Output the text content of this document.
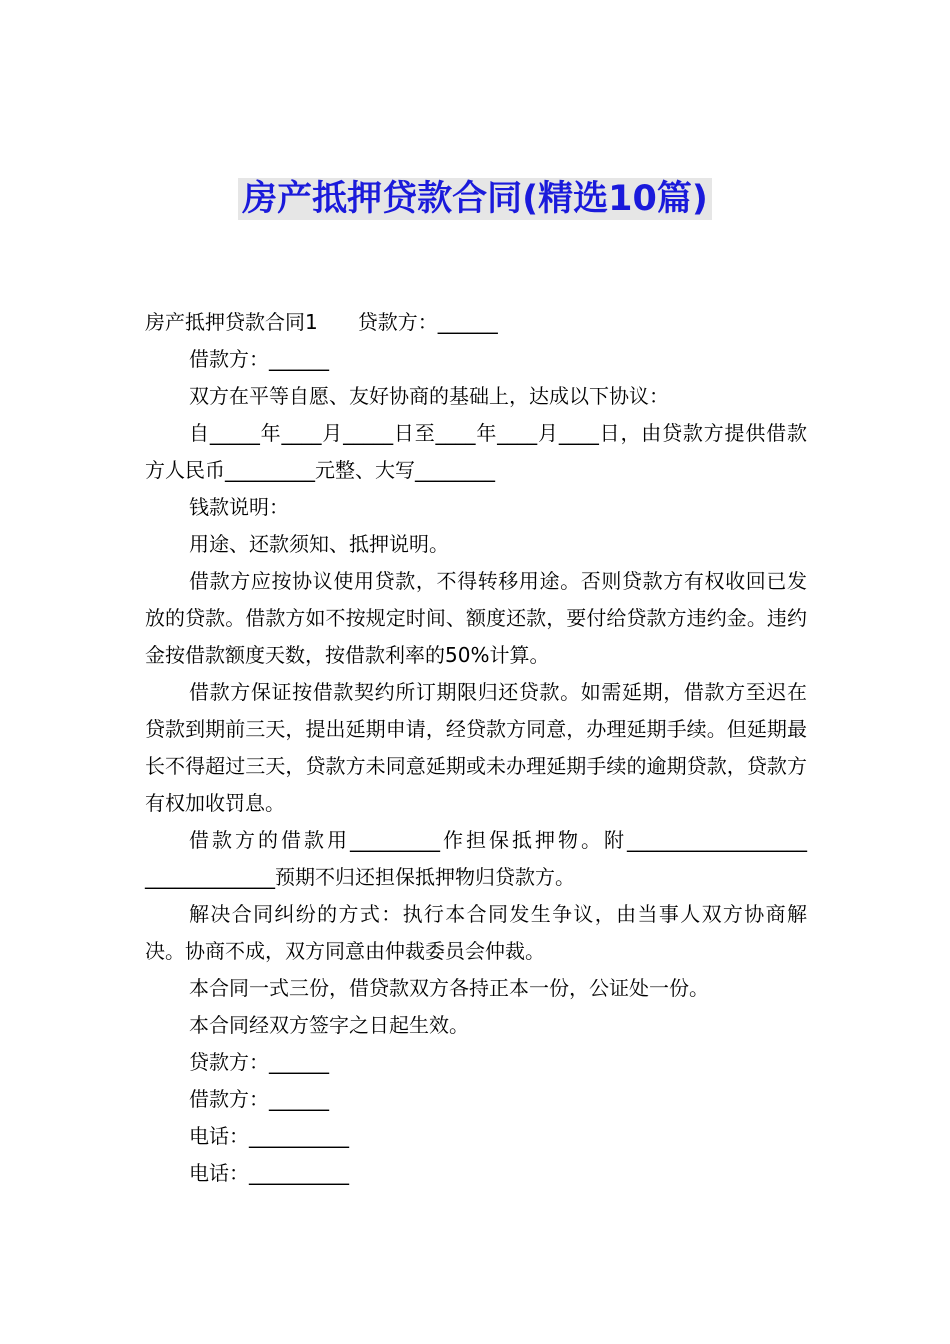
房产抵押贷款合同(精选10篇)

房产抵押贷款合同1 贷款方：______

借款方：______

双方在平等自愿、友好协商的基础上，达成以下协议：

自_____年____月_____日至____年____月____日，由贷款方提供借款方人民币_________元整、大写________

钱款说明：

用途、还款须知、抵押说明。

借款方应按协议使用贷款，不得转移用途。否则贷款方有权收回已发放的贷款。借款方如不按规定时间、额度还款，要付给贷款方违约金。违约金按借款额度天数，按借款利率的50%计算。

借款方保证按借款契约所订期限归还贷款。如需延期，借款方至迟在贷款到期前三天，提出延期申请，经贷款方同意，办理延期手续。但延期最长不得超过三天，贷款方未同意延期或未办理延期手续的逾期贷款，贷款方有权加收罚息。

借款方的借款用_________作担保抵押物。附__________________ _____________预期不归还担保抵押物归贷款方。

解决合同纠纷的方式：执行本合同发生争议，由当事人双方协商解决。协商不成，双方同意由仲裁委员会仲裁。

本合同一式三份，借贷款双方各持正本一份，公证处一份。

本合同经双方签字之日起生效。

贷款方：______

借款方：______

电话：__________

电话：__________
